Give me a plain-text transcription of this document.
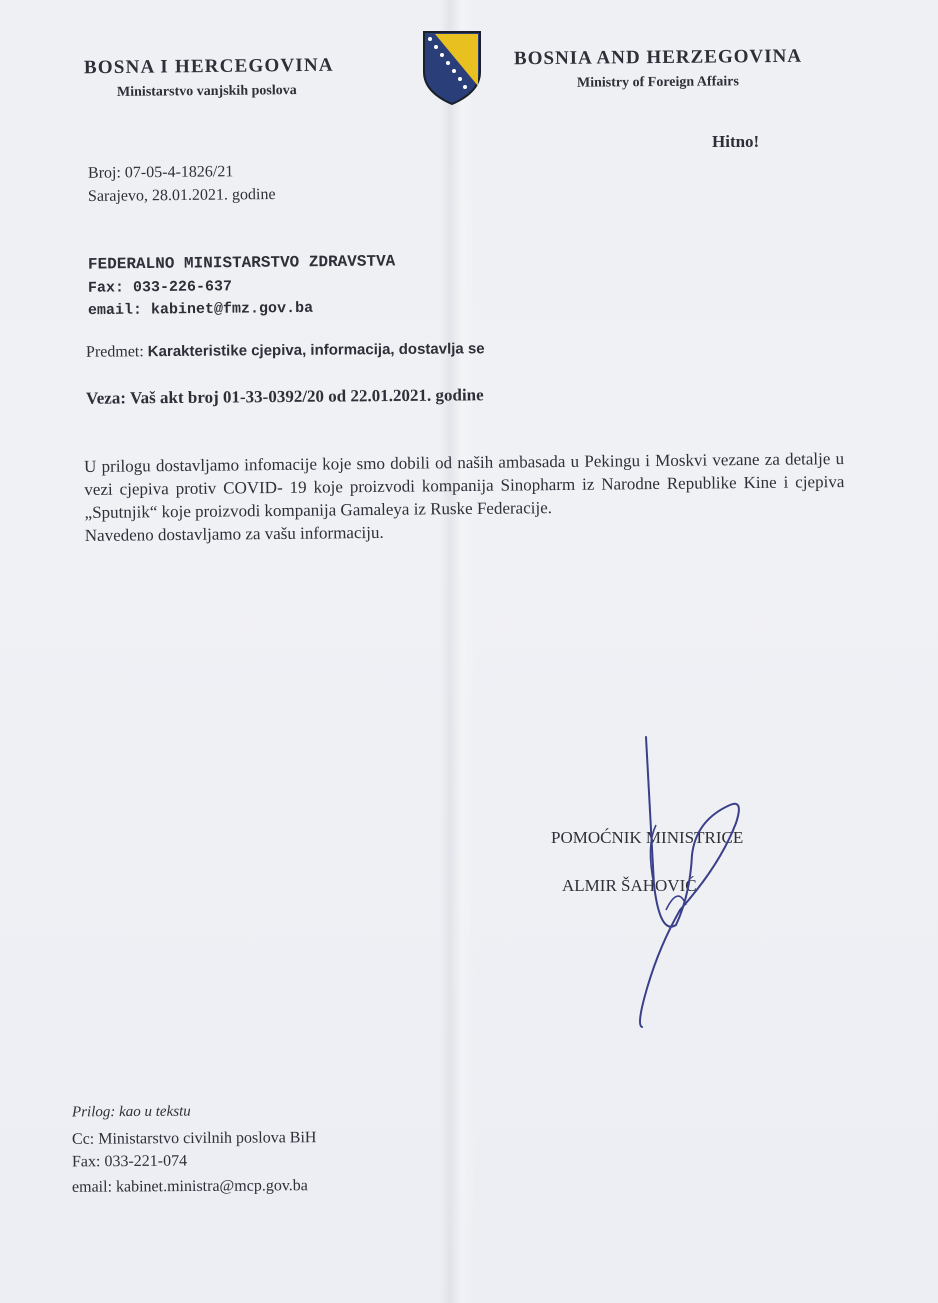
BOSNA I HERCEGOVINA
Ministarstvo vanjskih poslova
BOSNIA AND HERZEGOVINA
Ministry of Foreign Affairs
Hitno!
Broj: 07-05-4-1826/21
Sarajevo, 28.01.2021. godine
FEDERALNO MINISTARSTVO ZDRAVSTVA
Fax: 033-226-637
email: kabinet@fmz.gov.ba
Predmet: Karakteristike cjepiva, informacija, dostavlja se
Veza: Vaš akt broj 01-33-0392/20 od 22.01.2021. godine

U prilogu dostavljamo infomacije koje smo dobili od naših ambasada u Pekingu i Moskvi vezane za detalje u vezi cjepiva protiv COVID- 19 koje proizvodi kompanija Sinopharm iz Narodne Republike Kine i cjepiva „Sputnjik“ koje proizvodi kompanija Gamaleya iz Ruske Federacije.

Navedeno dostavljamo za vašu informaciju.

POMOĆNIK MINISTRICE
ALMIR ŠAHOVIĆ
Prilog: kao u tekstu
Cc: Ministarstvo civilnih poslova BiH
Fax: 033-221-074
email: kabinet.ministra@mcp.gov.ba
